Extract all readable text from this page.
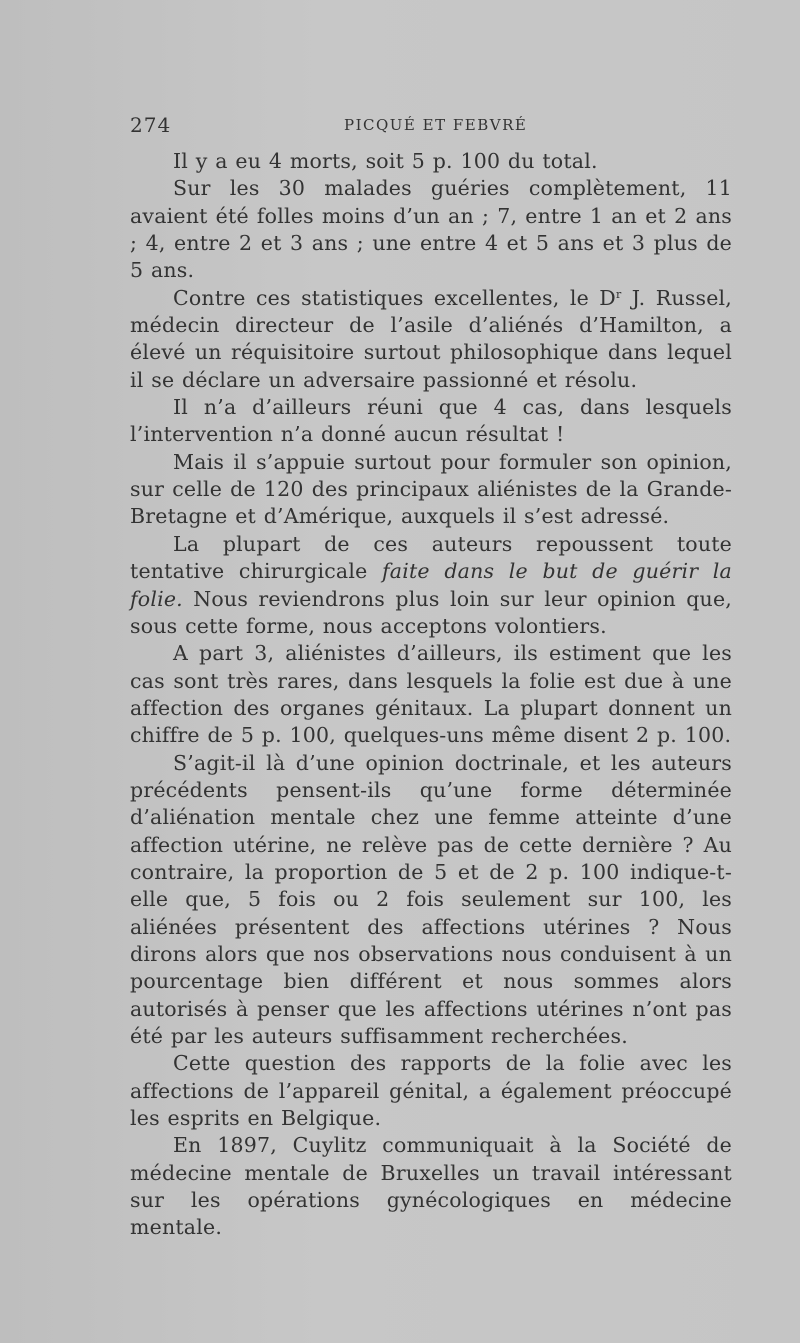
274	PICQUÉ ET FEBVRÉ

Il y a eu 4 morts, soit 5 p. 100 du total.

Sur les 30 malades guéries complètement, 11 avaient été folles moins d’un an ; 7, entre 1 an et 2 ans ; 4, entre 2 et 3 ans ; une entre 4 et 5 ans et 3 plus de 5 ans.

Contre ces statistiques excellentes, le $D^r$ J. Russel, médecin directeur de l’asile d’aliénés d’Hamilton, a élevé un réquisitoire surtout philosophique dans lequel il se déclare un adversaire passionné et résolu.

Il n’a d’ailleurs réuni que 4 cas, dans lesquels l’intervention n’a donné aucun résultat !

Mais il s’appuie surtout pour formuler son opinion, sur celle de 120 des principaux aliénistes de la Grande-Bretagne et d’Amérique, auxquels il s’est adressé.

La plupart de ces auteurs repoussent toute tentative chirurgicale faite dans le but de guérir la folie. Nous reviendrons plus loin sur leur opinion que, sous cette forme, nous acceptons volontiers.

A part 3, aliénistes d’ailleurs, ils estiment que les cas sont très rares, dans lesquels la folie est due à une affection des organes génitaux. La plupart donnent un chiffre de 5 p. 100, quelques-uns même disent 2 p. 100.

S’agit-il là d’une opinion doctrinale, et les auteurs précédents pensent-ils qu’une forme déterminée d’aliénation mentale chez une femme atteinte d’une affection utérine, ne relève pas de cette dernière ? Au contraire, la proportion de 5 et de 2 p. 100 indique-t-elle que, 5 fois ou 2 fois seulement sur 100, les aliénées présentent des affections utérines ? Nous dirons alors que nos observations nous conduisent à un pourcentage bien différent et nous sommes alors autorisés à penser que les affections utérines n’ont pas été par les auteurs suffisamment recherchées.

Cette question des rapports de la folie avec les affections de l’appareil génital, a également préoccupé les esprits en Belgique.

En 1897, Cuylitz communiquait à la Société de médecine mentale de Bruxelles un travail intéressant sur les opérations gynécologiques en médecine mentale.
